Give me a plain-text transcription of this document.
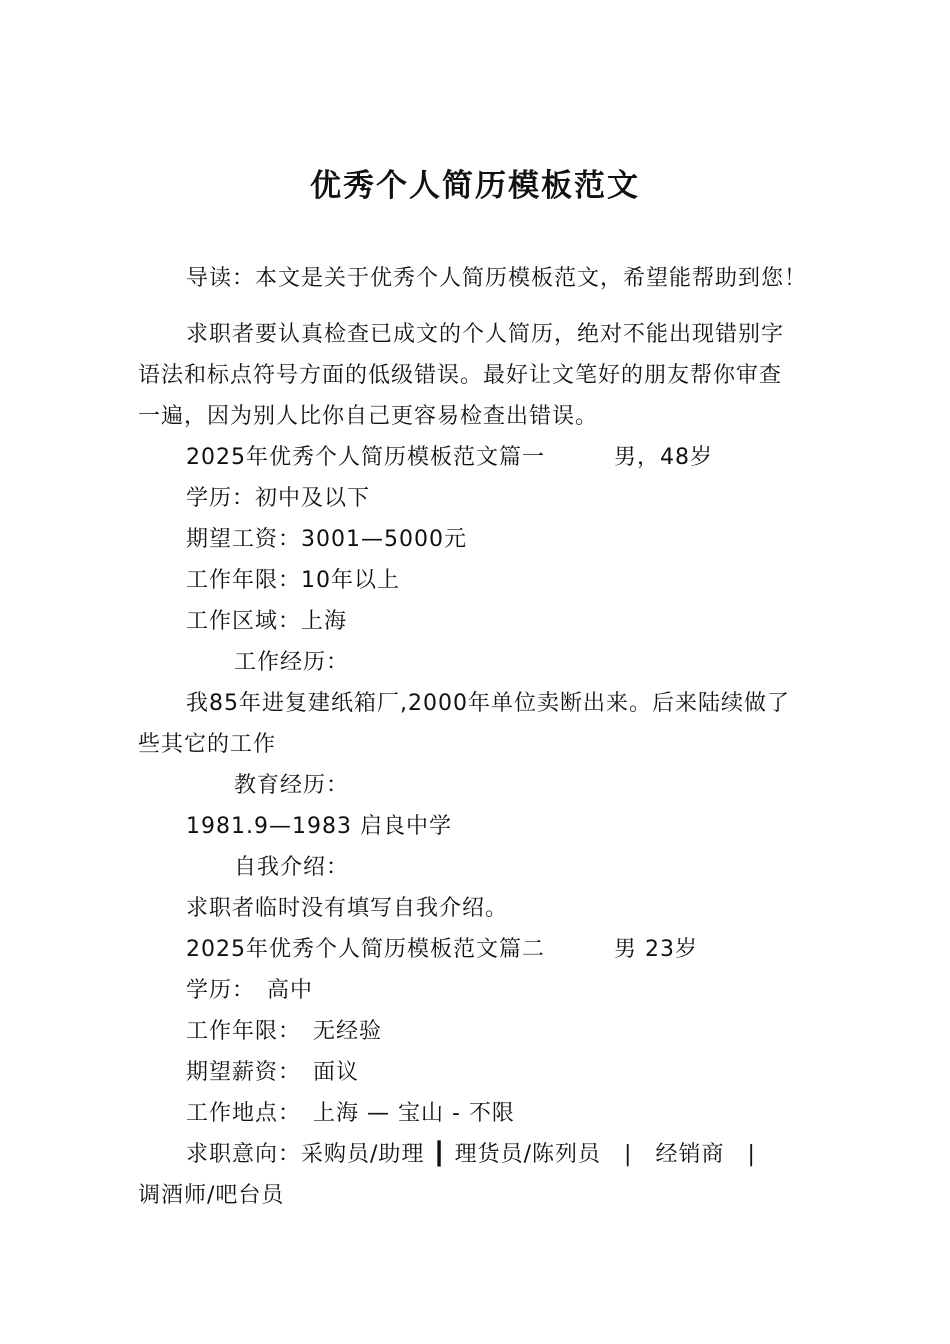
优秀个人简历模板范文
导读：本文是关于优秀个人简历模板范文，希望能帮助到您！
求职者要认真检查已成文的个人简历，绝对不能出现错别字
语法和标点符号方面的低级错误。最好让文笔好的朋友帮你审查
一遍，因为别人比你自己更容易检查出错误。
2025年优秀个人简历模板范文篇一　　　男，48岁
学历：初中及以下
期望工资：3001—5000元
工作年限：10年以上
工作区域：上海
工作经历：
我85年进复建纸箱厂,2000年单位卖断出来。后来陆续做了
些其它的工作
教育经历：
1981.9—1983 启良中学
自我介绍：
求职者临时没有填写自我介绍。
2025年优秀个人简历模板范文篇二　　　男 23岁
学历：　高中
工作年限：　无经验
期望薪资：　面议
工作地点：　上海 — 宝山 - 不限
求职意向：采购员/助理 ┃ 理货员/陈列员　|　经销商　|
调酒师/吧台员
